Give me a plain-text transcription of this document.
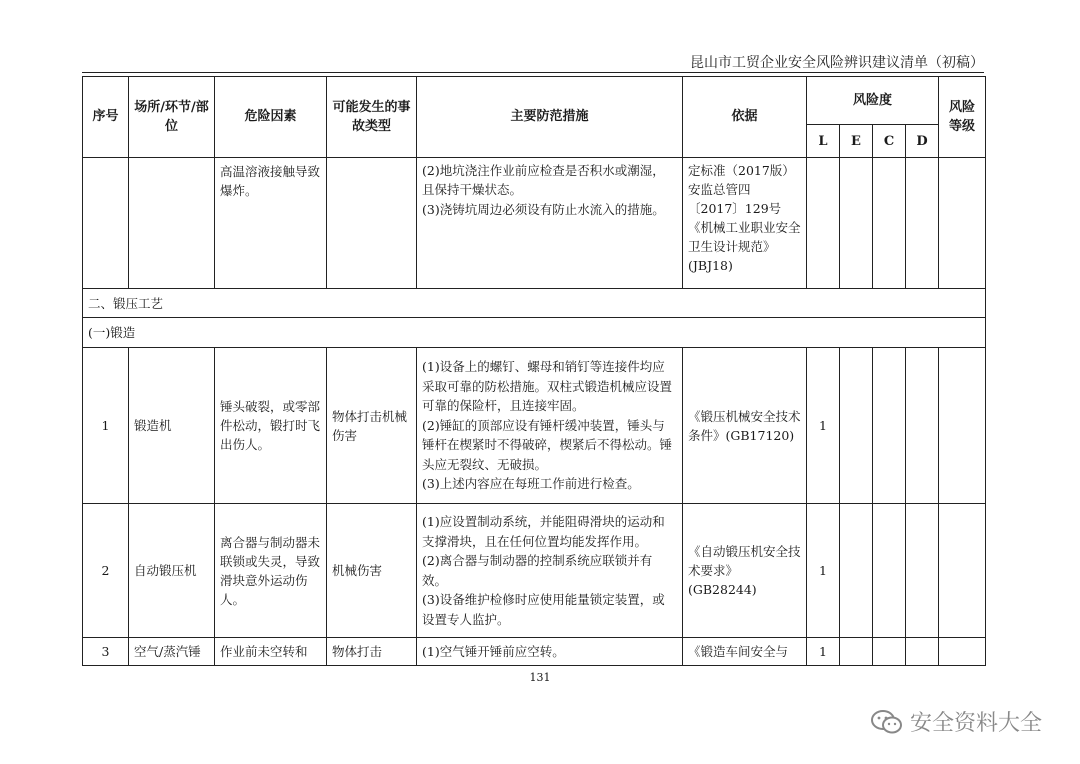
昆山市工贸企业安全风险辨识建议清单（初稿）
序号	场所/环节/部位	危险因素	可能发生的事故类型	主要防范措施	依据	风险度				风险等级
						L	E	C	D	
		高温溶液接触导致爆炸。		(2)地坑浇注作业前应检查是否积水或潮湿，且保持干燥状态。
(3)浇铸坑周边必须设有防止水流入的措施。	定标准（2017版）安监总管四〔2017〕129号《机械工业职业安全卫生设计规范》(JBJ18)					
二、锻压工艺										
(一)锻造										
1	锻造机	锤头破裂，或零部件松动，锻打时飞出伤人。	物体打击机械伤害	(1)设备上的螺钉、螺母和销钉等连接件均应采取可靠的防松措施。双柱式锻造机械应设置可靠的保险杆，且连接牢固。
(2)锤缸的顶部应设有锤杆缓冲装置，锤头与锤杆在楔紧时不得破碎，楔紧后不得松动。锤头应无裂纹、无破损。
(3)上述内容应在每班工作前进行检查。	《锻压机械安全技术条件》(GB17120)	1				
2	自动锻压机	离合器与制动器未联锁或失灵，导致滑块意外运动伤人。	机械伤害	(1)应设置制动系统，并能阻碍滑块的运动和支撑滑块，且在任何位置均能发挥作用。
(2)离合器与制动器的控制系统应联锁并有效。
(3)设备维护检修时应使用能量锁定装置，或设置专人监护。	《自动锻压机安全技术要求》(GB28244)	1				
3	空气/蒸汽锤	作业前未空转和	物体打击	(1)空气锤开锤前应空转。	《锻造车间安全与	1				
131
安全资料大全
